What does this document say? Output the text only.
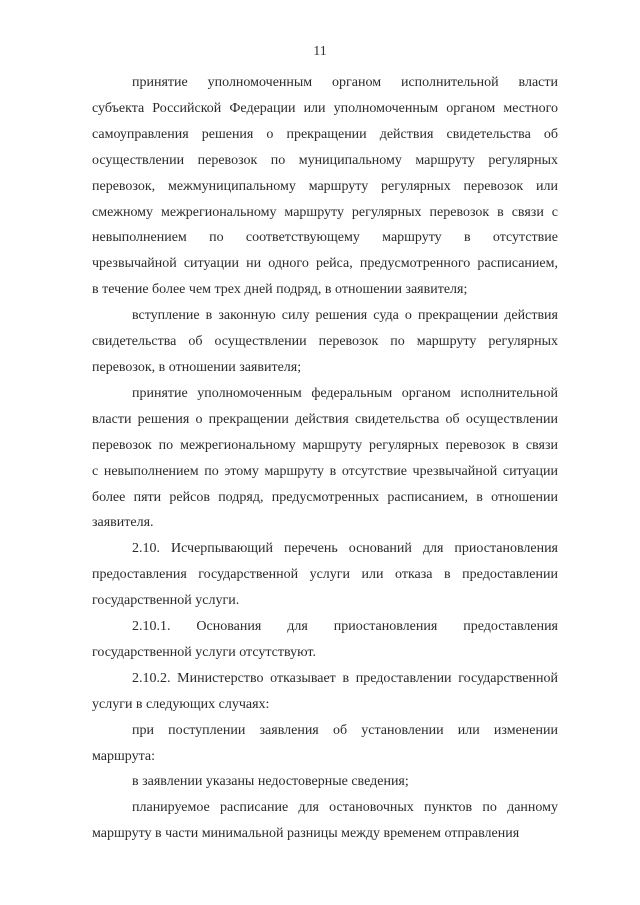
11
принятие уполномоченным органом исполнительной власти
субъекта Российской Федерации или уполномоченным органом местного
самоуправления решения о прекращении действия свидетельства об
осуществлении перевозок по муниципальному маршруту регулярных
перевозок, межмуниципальному маршруту регулярных перевозок или
смежному межрегиональному маршруту регулярных перевозок в связи с
невыполнением по соответствующему маршруту в отсутствие
чрезвычайной ситуации ни одного рейса, предусмотренного расписанием,
в течение более чем трех дней подряд, в отношении заявителя;
вступление в законную силу решения суда о прекращении действия
свидетельства об осуществлении перевозок по маршруту регулярных
перевозок, в отношении заявителя;
принятие уполномоченным федеральным органом исполнительной
власти решения о прекращении действия свидетельства об осуществлении
перевозок по межрегиональному маршруту регулярных перевозок в связи
с невыполнением по этому маршруту в отсутствие чрезвычайной ситуации
более пяти рейсов подряд, предусмотренных расписанием, в отношении
заявителя.
2.10. Исчерпывающий перечень оснований для приостановления
предоставления государственной услуги или отказа в предоставлении
государственной услуги.
2.10.1. Основания для приостановления предоставления
государственной услуги отсутствуют.
2.10.2. Министерство отказывает в предоставлении государственной
услуги в следующих случаях:
при поступлении заявления об установлении или изменении
маршрута:
в заявлении указаны недостоверные сведения;
планируемое расписание для остановочных пунктов по данному
маршруту в части минимальной разницы между временем отправления
